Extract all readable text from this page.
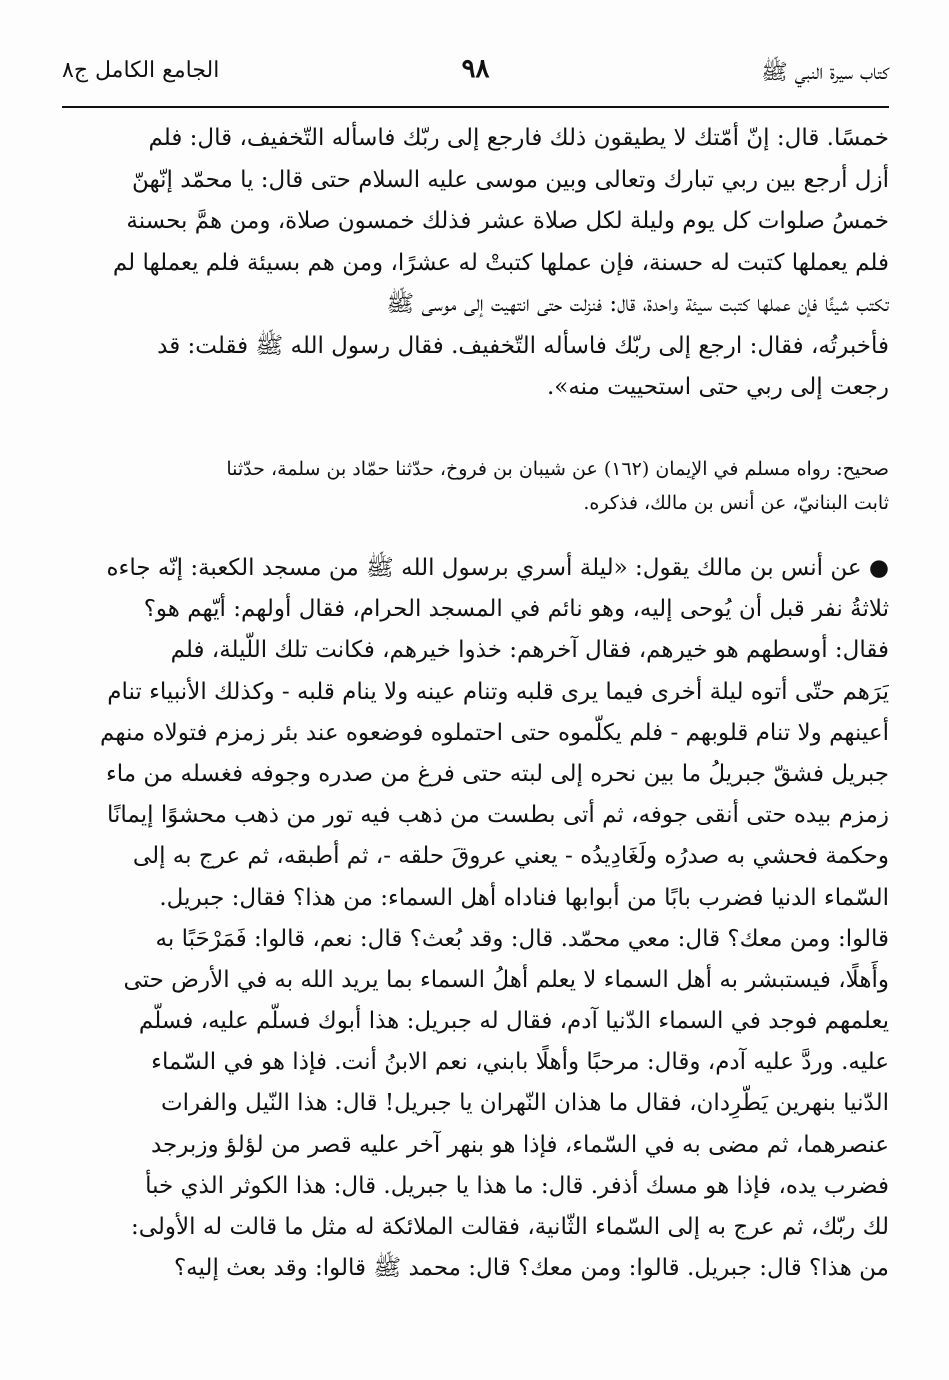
كتاب سيرة النبي ﷺ
٩٨
الجامع الكامل ج٨
خمسًا. قال: إنّ أمّتك لا يطيقون ذلك فارجع إلى ربّك فاسأله التّخفيف، قال: فلم
أزل أرجع بين ربي تبارك وتعالى وبين موسى عليه السلام حتى قال: يا محمّد إنّهنّ
خمسُ صلوات كل يوم وليلة لكل صلاة عشر فذلك خمسون صلاة، ومن همَّ بحسنة
فلم يعملها كتبت له حسنة، فإن عملها كتبتْ له عشرًا، ومن هم بسيئة فلم يعملها لم
تكتب شيئًا فإن عملها كتبت سيئة واحدة، قال: فنزلت حتى انتهيت إلى موسى ﷺ
فأخبرتُه، فقال: ارجع إلى ربّك فاسأله التّخفيف. فقال رسول الله ﷺ فقلت: قد
رجعت إلى ربي حتى استحييت منه».
صحيح: رواه مسلم في الإيمان (١٦٢) عن شيبان بن فروخ، حدّثنا حمّاد بن سلمة، حدّثنا
ثابت البنانيّ، عن أنس بن مالك، فذكره.
● عن أنس بن مالك يقول: «ليلة أسري برسول الله ﷺ من مسجد الكعبة: إنّه جاءه
ثلاثةُ نفر قبل أن يُوحى إليه، وهو نائم في المسجد الحرام، فقال أولهم: أيّهم هو؟
فقال: أوسطهم هو خيرهم، فقال آخرهم: خذوا خيرهم، فكانت تلك اللّيلة، فلم
يَرَهم حتّى أتوه ليلة أخرى فيما يرى قلبه وتنام عينه ولا ينام قلبه - وكذلك الأنبياء تنام
أعينهم ولا تنام قلوبهم - فلم يكلّموه حتى احتملوه فوضعوه عند بئر زمزم فتولاه منهم
جبريل فشقّ جبريلُ ما بين نحره إلى لبته حتى فرغ من صدره وجوفه فغسله من ماء
زمزم بيده حتى أنقى جوفه، ثم أتى بطست من ذهب فيه تور من ذهب محشوًا إيمانًا
وحكمة فحشي به صدرُه ولَغَادِيدُه - يعني عروقَ حلقه -، ثم أطبقه، ثم عرج به إلى
السّماء الدنيا فضرب بابًا من أبوابها فناداه أهل السماء: من هذا؟ فقال: جبريل.
قالوا: ومن معك؟ قال: معي محمّد. قال: وقد بُعث؟ قال: نعم، قالوا: فَمَرْحَبًا به
وأَهلًا، فيستبشر به أهل السماء لا يعلم أهلُ السماء بما يريد الله به في الأرض حتى
يعلمهم فوجد في السماء الدّنيا آدم، فقال له جبريل: هذا أبوك فسلّم عليه، فسلّم
عليه. وردَّ عليه آدم، وقال: مرحبًا وأهلًا بابني، نعم الابنُ أنت. فإذا هو في السّماء
الدّنيا بنهرين يَطّرِدان، فقال ما هذان النّهران يا جبريل! قال: هذا النّيل والفرات
عنصرهما، ثم مضى به في السّماء، فإذا هو بنهر آخر عليه قصر من لؤلؤ وزبرجد
فضرب يده، فإذا هو مسك أذفر. قال: ما هذا يا جبريل. قال: هذا الكوثر الذي خبأ
لك ربّك، ثم عرج به إلى السّماء الثّانية، فقالت الملائكة له مثل ما قالت له الأولى:
من هذا؟ قال: جبريل. قالوا: ومن معك؟ قال: محمد ﷺ قالوا: وقد بعث إليه؟
